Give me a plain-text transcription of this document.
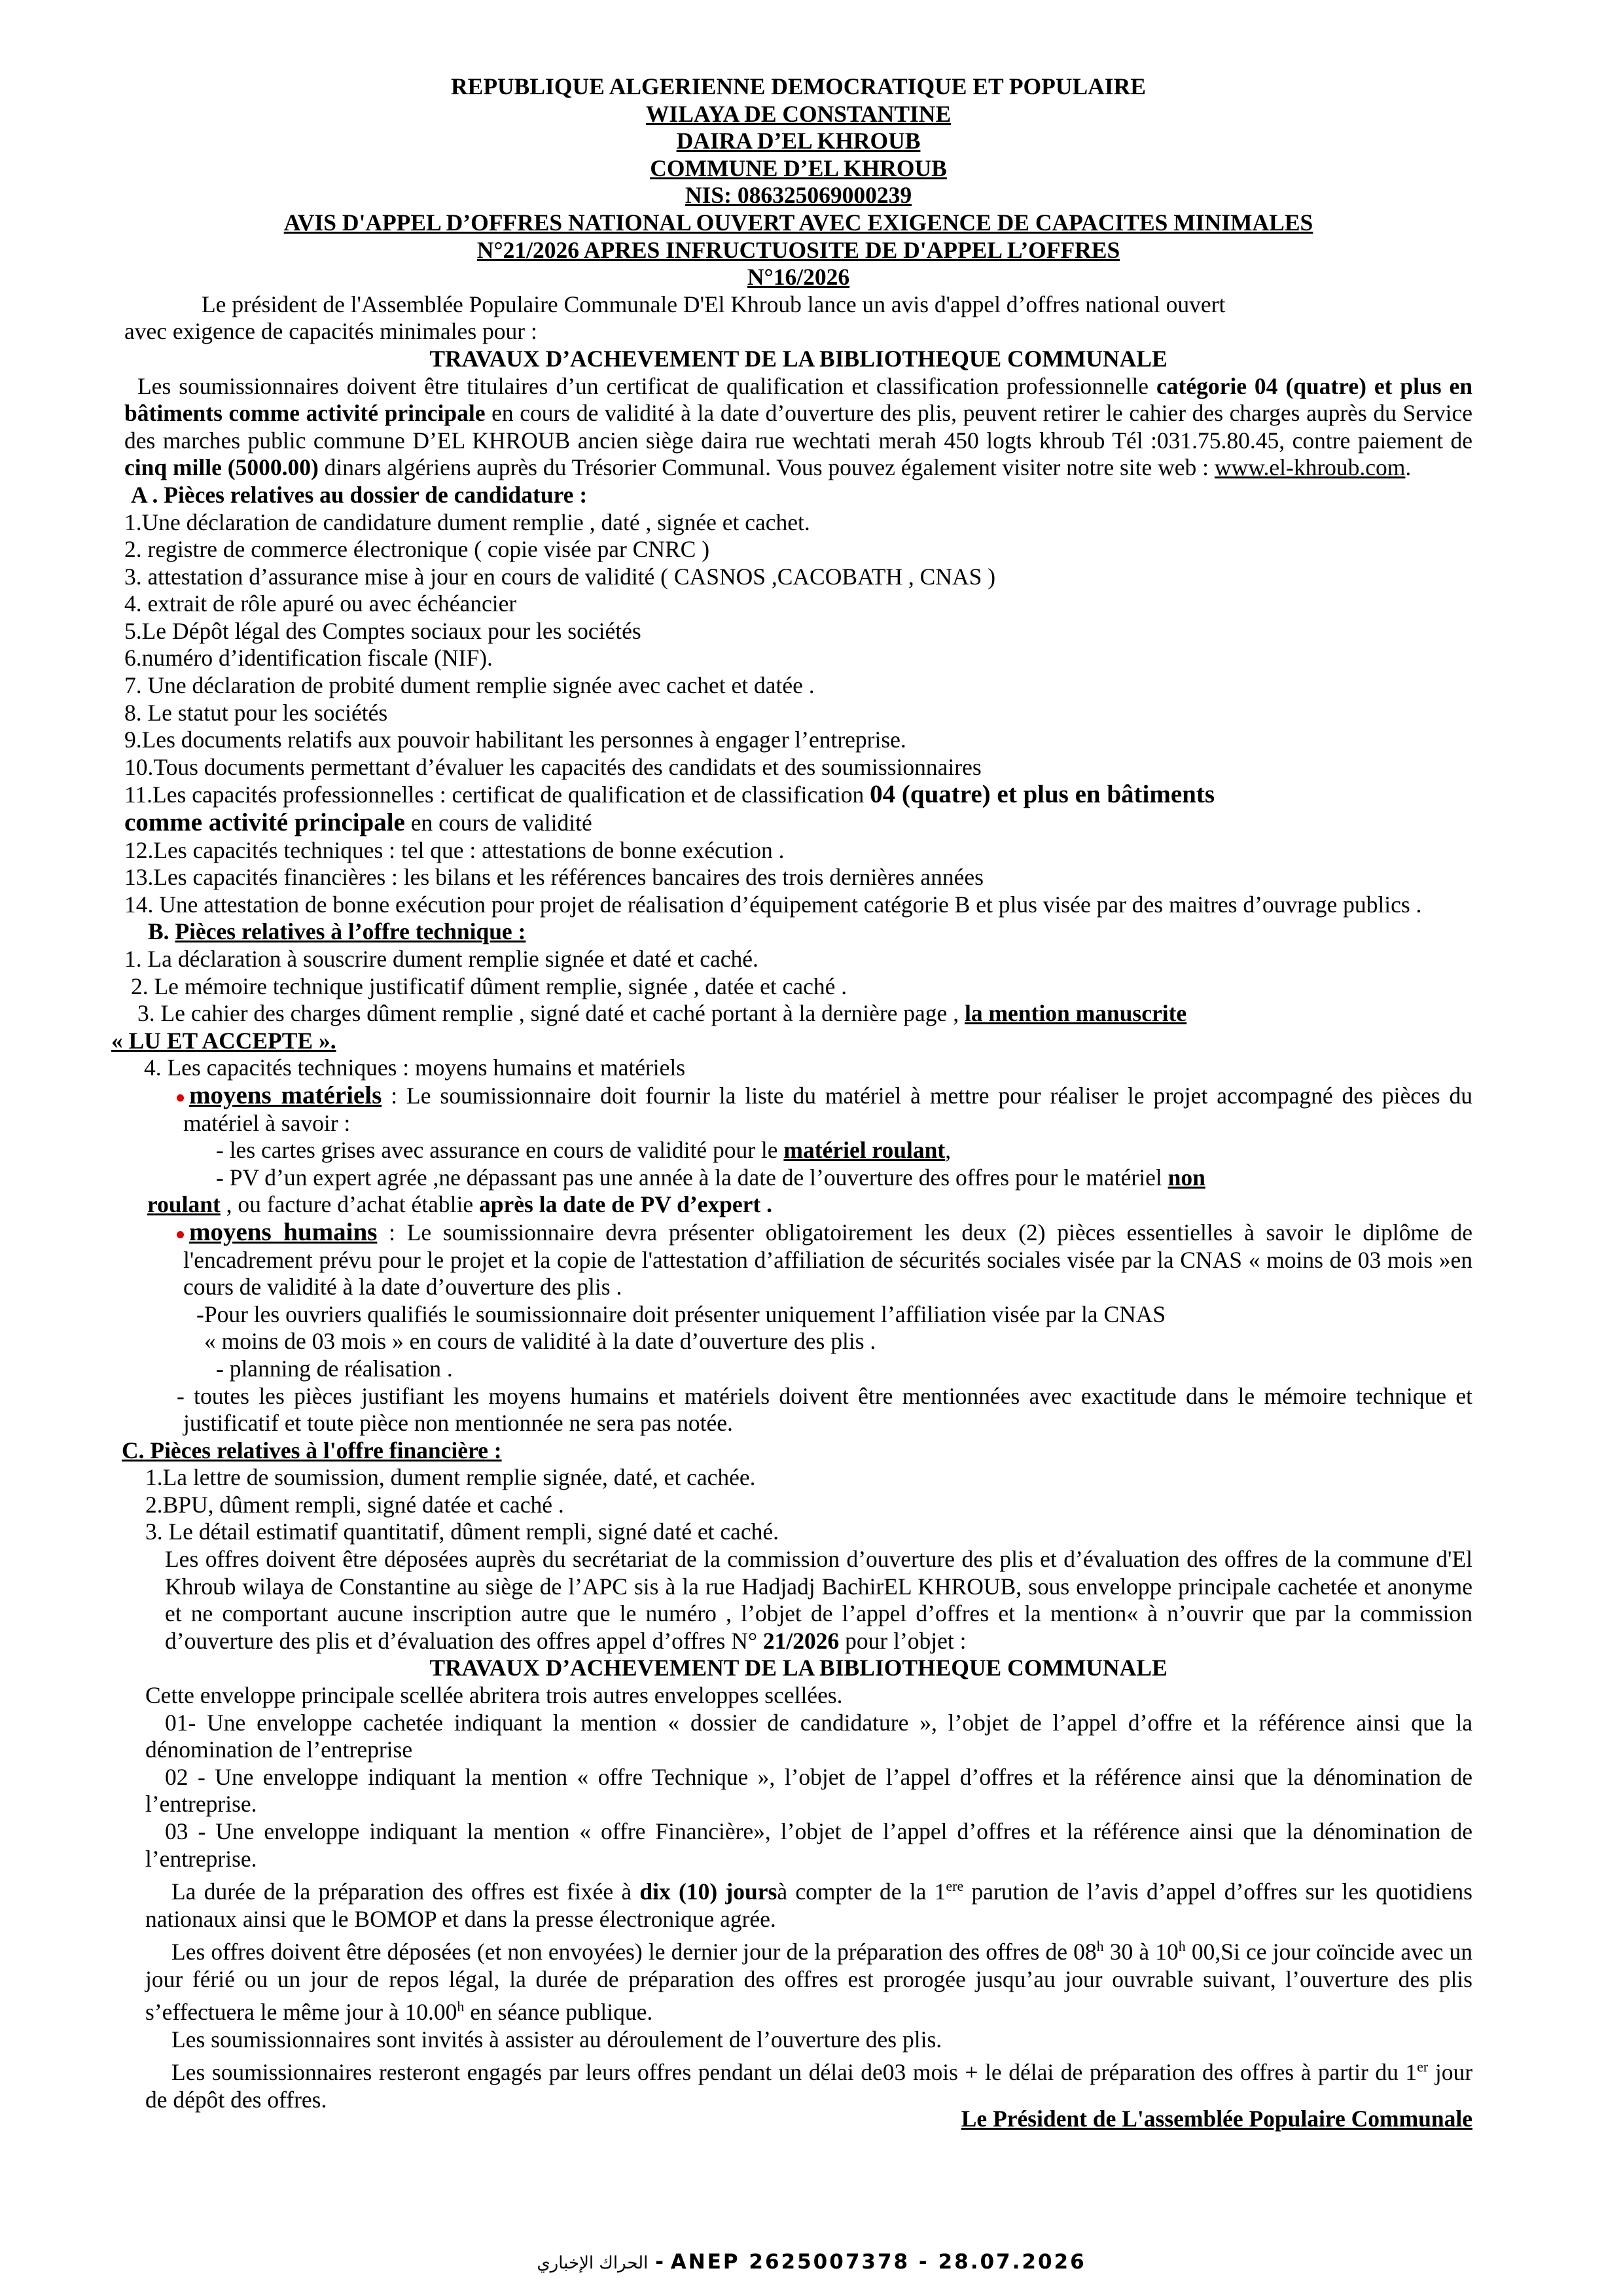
REPUBLIQUE ALGERIENNE DEMOCRATIQUE ET POPULAIRE
WILAYA DE CONSTANTINE
DAIRA D’EL KHROUB
COMMUNE D’EL KHROUB
NIS: 086325069000239
AVIS D'APPEL D’OFFRES NATIONAL OUVERT AVEC EXIGENCE DE CAPACITES MINIMALES
N°21/2026 APRES INFRUCTUOSITE DE D'APPEL L’OFFRES
N°16/2026
Le président de l'Assemblée Populaire Communale D'El Khroub lance un avis d'appel d’offres national ouvert
avec exigence de capacités minimales pour :
TRAVAUX D’ACHEVEMENT DE LA BIBLIOTHEQUE COMMUNALE
Les soumissionnaires doivent être titulaires d’un certificat de qualification et classification professionnelle catégorie 04 (quatre) et plus en bâtiments comme activité principale en cours de validité à la date d’ouverture des plis, peuvent retirer le cahier des charges auprès du Service des marches public commune D’EL KHROUB ancien siège daira rue wechtati merah 450 logts khroub Tél :031.75.80.45, contre paiement de cinq mille (5000.00) dinars algériens auprès du Trésorier Communal. Vous pouvez également visiter notre site web : www.el-khroub.com.
A . Pièces relatives au dossier de candidature :
1.Une déclaration de candidature dument remplie , daté , signée et cachet.
2. registre de commerce électronique ( copie visée par CNRC )
3. attestation d’assurance mise à jour en cours de validité ( CASNOS ,CACOBATH , CNAS )
4. extrait de rôle apuré ou avec échéancier
5.Le Dépôt légal des Comptes sociaux pour les sociétés
6.numéro d’identification fiscale (NIF).
7. Une déclaration de probité dument remplie signée avec cachet et datée .
8. Le statut pour les sociétés
9.Les documents relatifs aux pouvoir habilitant les personnes à engager l’entreprise.
10.Tous documents permettant d’évaluer les capacités des candidats et des soumissionnaires
11.Les capacités professionnelles : certificat de qualification et de classification 04 (quatre) et plus en bâtiments
comme activité principale en cours de validité
12.Les capacités techniques : tel que : attestations de bonne exécution .
13.Les capacités financières : les bilans et les références bancaires des trois dernières années
14. Une attestation de bonne exécution pour projet de réalisation d’équipement catégorie B et plus visée par des maitres d’ouvrage publics .
B. Pièces relatives à l’offre technique :
1. La déclaration à souscrire dument remplie signée et daté et caché.
2. Le mémoire technique justificatif dûment remplie, signée , datée et caché .
3. Le cahier des charges dûment remplie , signé daté et caché portant à la dernière page , la mention manuscrite
« LU ET ACCEPTE ».
4. Les capacités techniques : moyens humains et matériels
moyens matériels : Le soumissionnaire doit fournir la liste du matériel à mettre pour réaliser le projet accompagné des pièces du matériel à savoir :
- les cartes grises avec assurance en cours de validité pour le matériel roulant,
- PV d’un expert agrée ,ne dépassant pas une année à la date de l’ouverture des offres pour le matériel non
roulant , ou facture d’achat établie après la date de PV d’expert .
moyens humains : Le soumissionnaire devra présenter obligatoirement les deux (2) pièces essentielles à savoir le diplôme de l'encadrement prévu pour le projet et la copie de l'attestation d’affiliation de sécurités sociales visée par la CNAS « moins de 03 mois »en cours de validité à la date d’ouverture des plis .
-Pour les ouvriers qualifiés le soumissionnaire doit présenter uniquement l’affiliation visée par la CNAS
« moins de 03 mois » en cours de validité à la date d’ouverture des plis .
- planning de réalisation .
- toutes les pièces justifiant les moyens humains et matériels doivent être mentionnées avec exactitude dans le mémoire technique et justificatif et toute pièce non mentionnée ne sera pas notée.
C. Pièces relatives à l'offre financière :
1.La lettre de soumission, dument remplie signée, daté, et cachée.
2.BPU, dûment rempli, signé datée et caché .
3. Le détail estimatif quantitatif, dûment rempli, signé daté et caché.
Les offres doivent être déposées auprès du secrétariat de la commission d’ouverture des plis et d’évaluation des offres de la commune d'El Khroub wilaya de Constantine au siège de l’APC sis à la rue Hadjadj BachirEL KHROUB, sous enveloppe principale cachetée et anonyme et ne comportant aucune inscription autre que le numéro , l’objet de l’appel d’offres et la mention« à n’ouvrir que par la commission d’ouverture des plis et d’évaluation des offres appel d’offres N° 21/2026 pour l’objet :
TRAVAUX D’ACHEVEMENT DE LA BIBLIOTHEQUE COMMUNALE
Cette enveloppe principale scellée abritera trois autres enveloppes scellées.
01- Une enveloppe cachetée indiquant la mention « dossier de candidature », l’objet de l’appel d’offre et la référence ainsi que la dénomination de l’entreprise
02 - Une enveloppe indiquant la mention « offre Technique », l’objet de l’appel d’offres et la référence ainsi que la dénomination de l’entreprise.
03 - Une enveloppe indiquant la mention « offre Financière», l’objet de l’appel d’offres et la référence ainsi que la dénomination de l’entreprise.
La durée de la préparation des offres est fixée à dix (10) joursà compter de la 1ere parution de l’avis d’appel d’offres sur les quotidiens nationaux ainsi que le BOMOP et dans la presse électronique agrée.
Les offres doivent être déposées (et non envoyées) le dernier jour de la préparation des offres de 08$^h$ 30 à 10$^h$ 00,Si ce jour coïncide avec un jour férié ou un jour de repos légal, la durée de préparation des offres est prorogée jusqu’au jour ouvrable suivant, l’ouverture des plis s’effectuera le même jour à 10.00$^h$ en séance publique.
Les soumissionnaires sont invités à assister au déroulement de l’ouverture des plis.
Les soumissionnaires resteront engagés par leurs offres pendant un délai de03 mois + le délai de préparation des offres à partir du 1er jour de dépôt des offres.
Le Président de L'assemblée Populaire Communale
الحراك الإخباري - ANEP 2625007378 - 28.07.2026
